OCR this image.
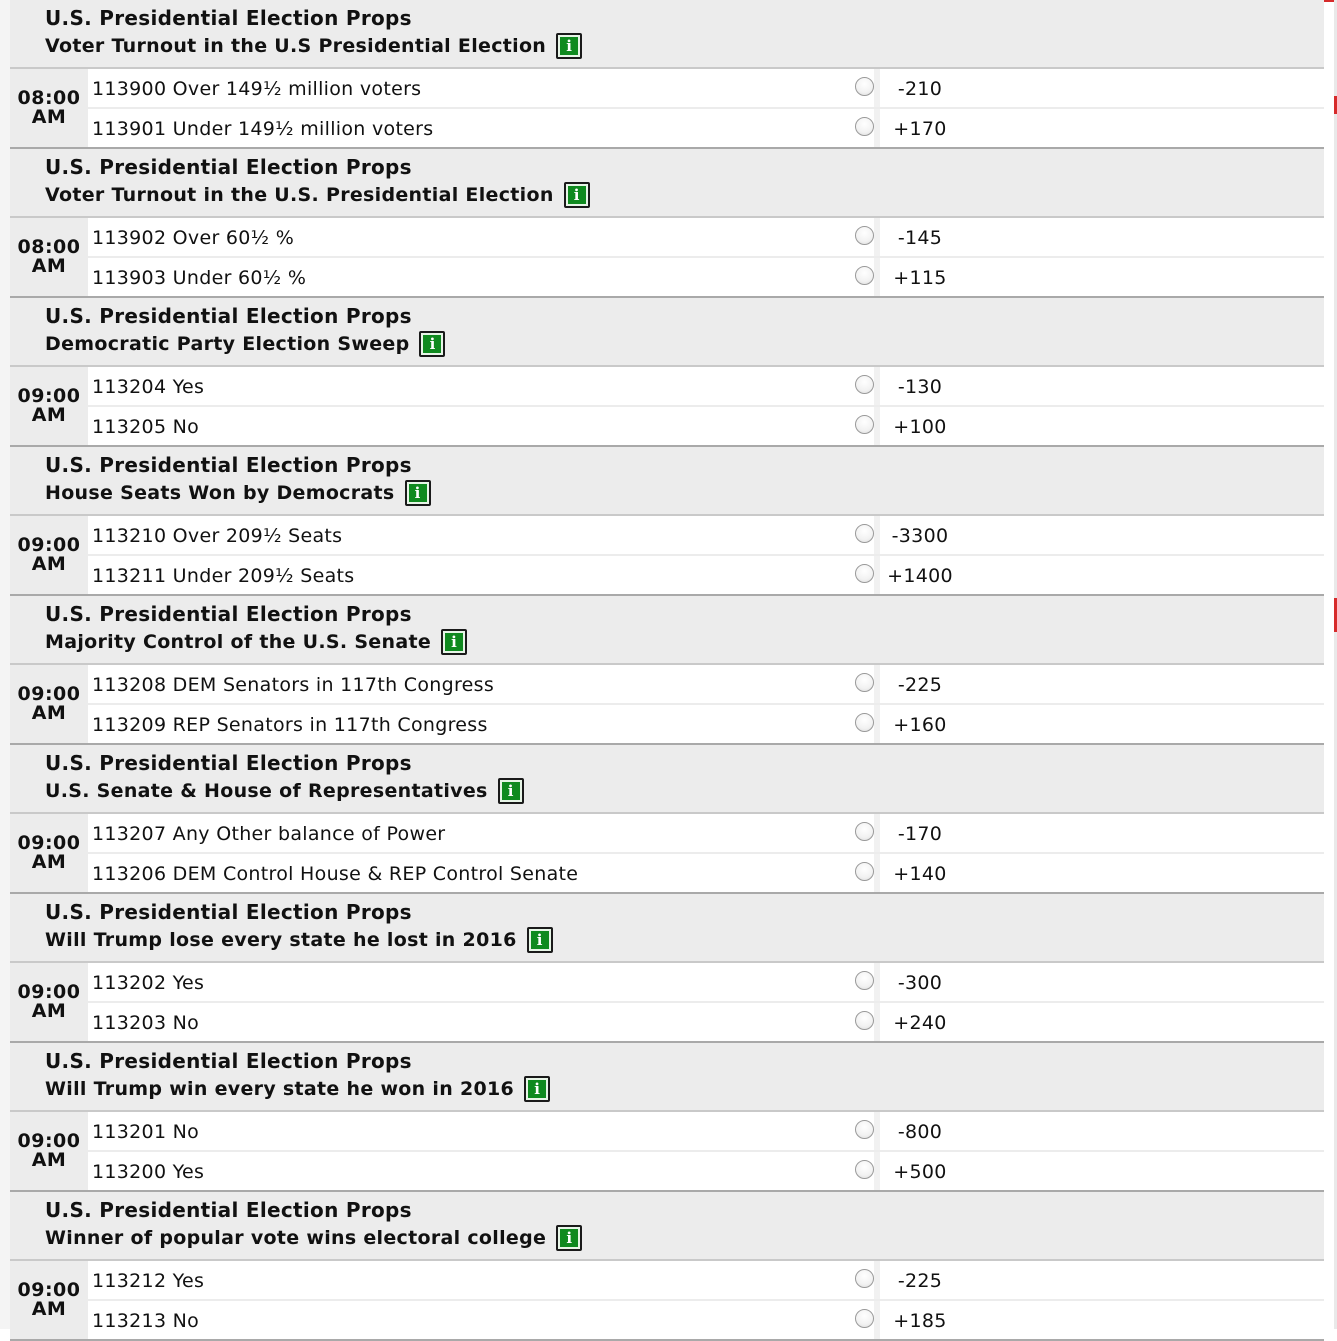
U.S. Presidential Election Props
Voter Turnout in the U.S Presidential Election	i
08:00
AM
113900 Over 149½ million voters	-210
113901 Under 149½ million voters	+170
U.S. Presidential Election Props
Voter Turnout in the U.S. Presidential Election	i
08:00
AM
113902 Over 60½ %	-145
113903 Under 60½ %	+115
U.S. Presidential Election Props
Democratic Party Election Sweep	i
09:00
AM
113204 Yes	-130
113205 No	+100
U.S. Presidential Election Props
House Seats Won by Democrats	i
09:00
AM
113210 Over 209½ Seats	-3300
113211 Under 209½ Seats	+1400
U.S. Presidential Election Props
Majority Control of the U.S. Senate	i
09:00
AM
113208 DEM Senators in 117th Congress	-225
113209 REP Senators in 117th Congress	+160
U.S. Presidential Election Props
U.S. Senate & House of Representatives	i
09:00
AM
113207 Any Other balance of Power	-170
113206 DEM Control House & REP Control Senate	+140
U.S. Presidential Election Props
Will Trump lose every state he lost in 2016	i
09:00
AM
113202 Yes	-300
113203 No	+240
U.S. Presidential Election Props
Will Trump win every state he won in 2016	i
09:00
AM
113201 No	-800
113200 Yes	+500
U.S. Presidential Election Props
Winner of popular vote wins electoral college	i
09:00
AM
113212 Yes	-225
113213 No	+185
